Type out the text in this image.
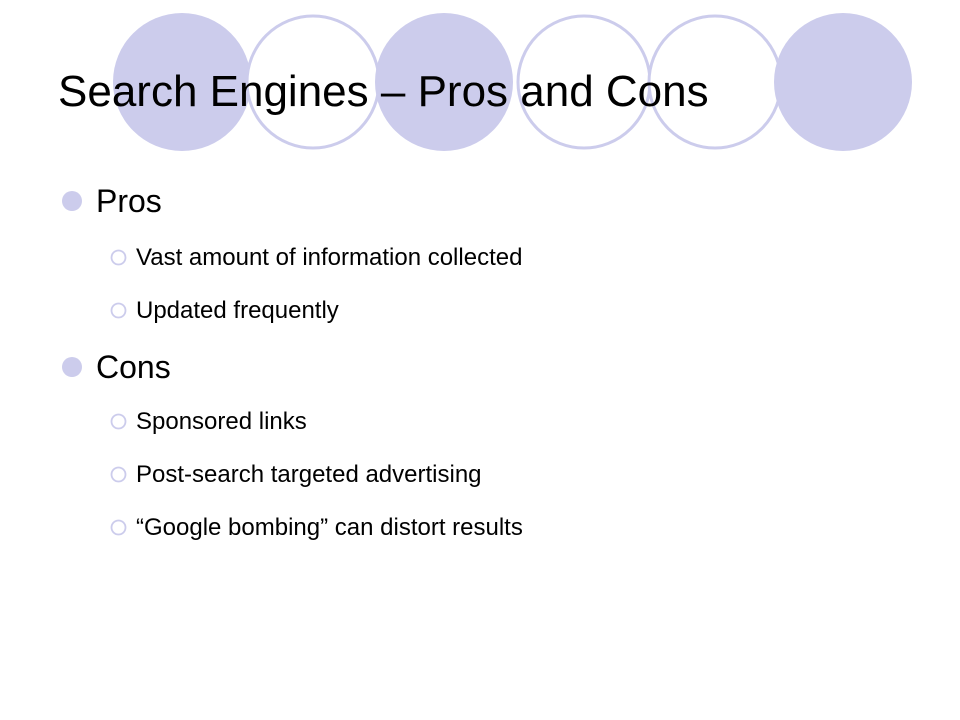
Search Engines – Pros and Cons
Pros
Vast amount of information collected
Updated frequently
Cons
Sponsored links
Post-search targeted advertising
“Google bombing” can distort results
